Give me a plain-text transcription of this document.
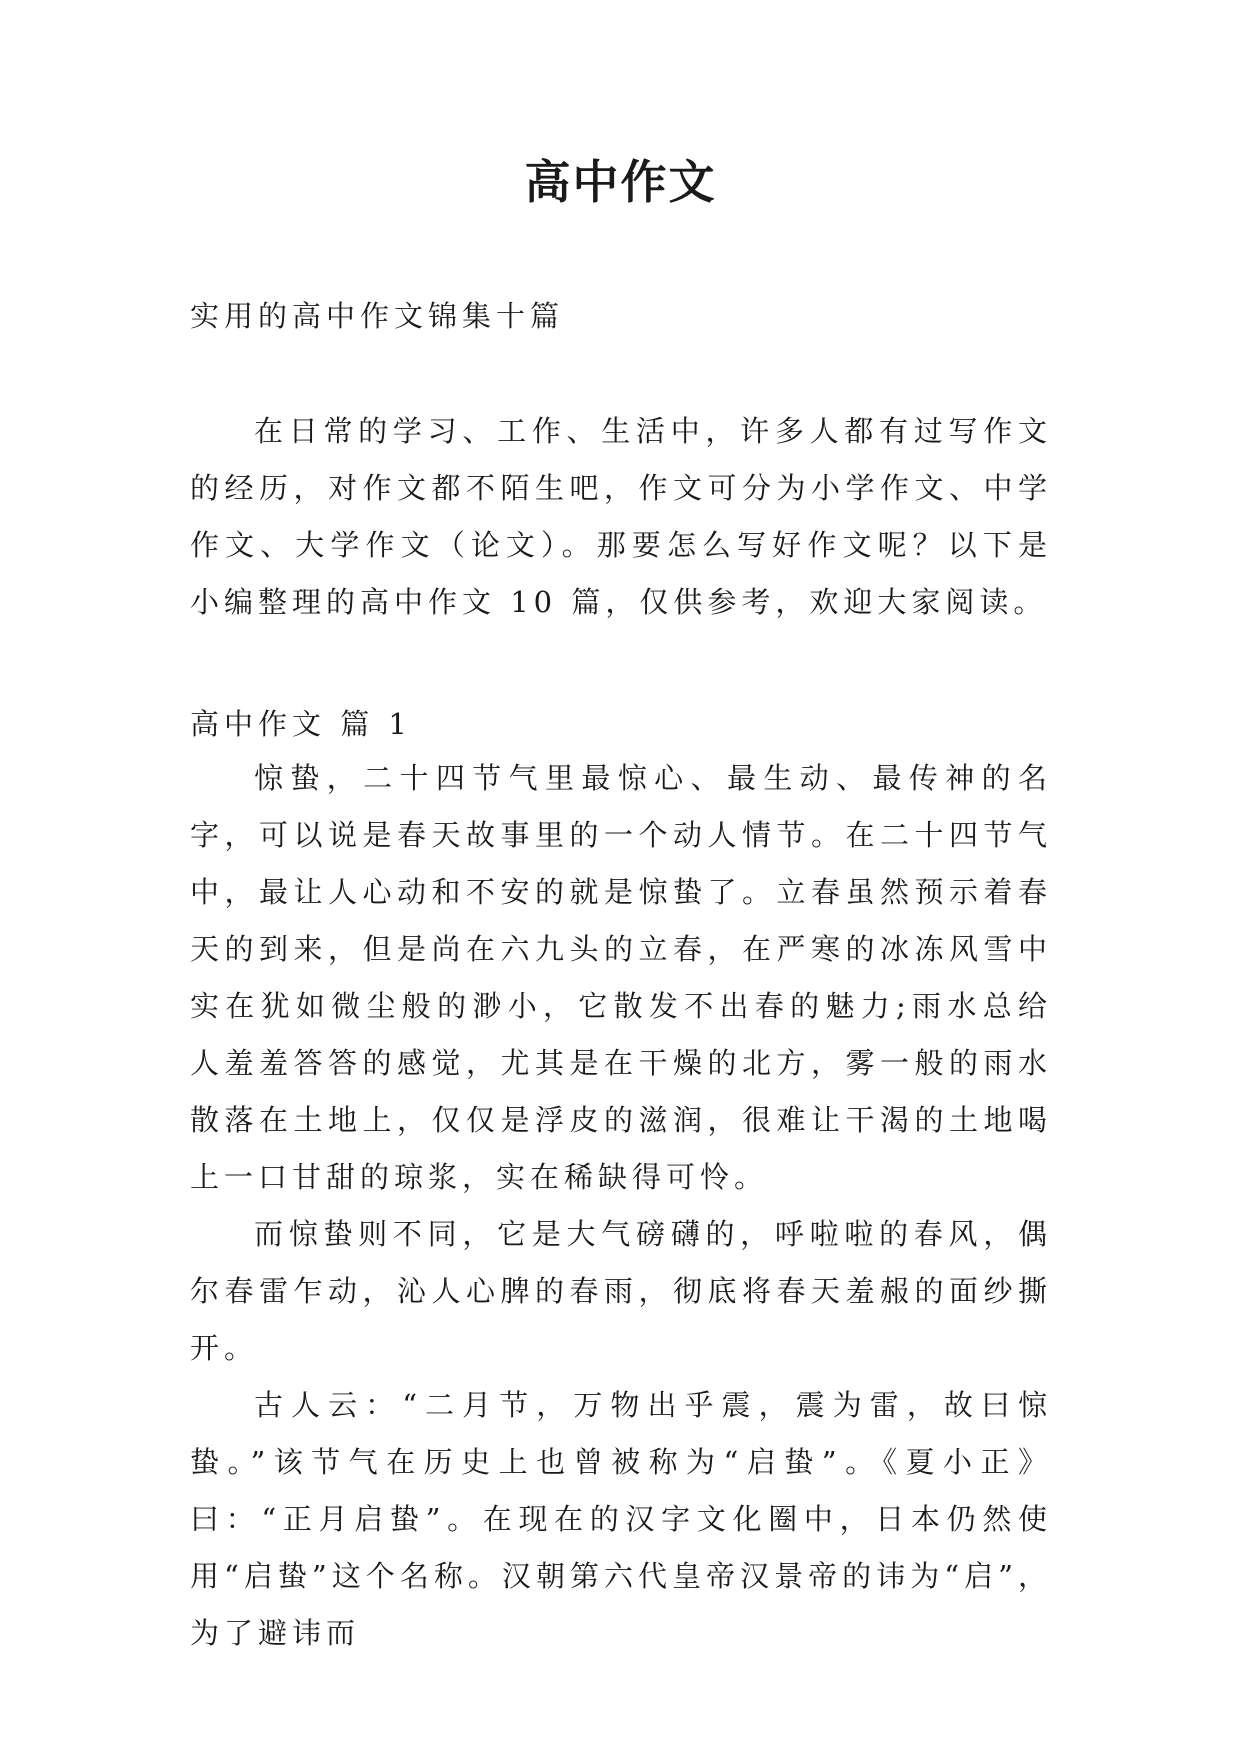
高中作文
实用的高中作文锦集十篇

在日常的学习、工作、生活中，许多人都有过写作文的经历，对作文都不陌生吧，作文可分为小学作文、中学作文、大学作文（论文）。那要怎么写好作文呢？以下是小编整理的高中作文 10 篇，仅供参考，欢迎大家阅读。

高中作文 篇 1

惊蛰，二十四节气里最惊心、最生动、最传神的名字，可以说是春天故事里的一个动人情节。在二十四节气中，最让人心动和不安的就是惊蛰了。立春虽然预示着春天的到来，但是尚在六九头的立春，在严寒的冰冻风雪中实在犹如微尘般的渺小，它散发不出春的魅力;雨水总给人羞羞答答的感觉，尤其是在干燥的北方，雾一般的雨水散落在土地上，仅仅是浮皮的滋润，很难让干渴的土地喝上一口甘甜的琼浆，实在稀缺得可怜。

而惊蛰则不同，它是大气磅礴的，呼啦啦的春风，偶尔春雷乍动，沁人心脾的春雨，彻底将春天羞赧的面纱撕开。

古人云：“二月节，万物出乎震，震为雷，故曰惊蛰。”该节气在历史上也曾被称为“启蛰”。《夏小正》曰：“正月启蛰”。在现在的汉字文化圈中，日本仍然使用“启蛰”这个名称。汉朝第六代皇帝汉景帝的讳为“启”，为了避讳而
